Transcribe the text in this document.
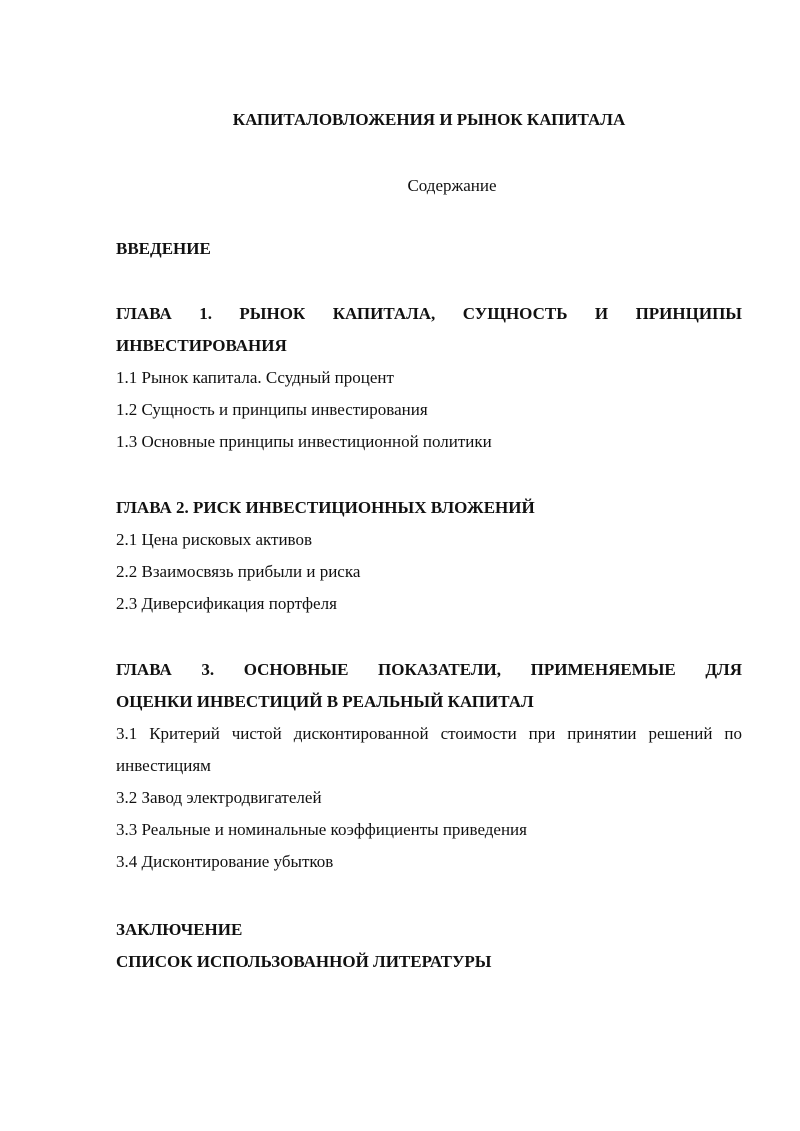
КАПИТАЛОВЛОЖЕНИЯ И РЫНОК КАПИТАЛА

Содержание

ВВЕДЕНИЕ
ГЛАВА 1. РЫНОК КАПИТАЛА, СУЩНОСТЬ И ПРИНЦИПЫ
ИНВЕСТИРОВАНИЯ
1.1 Рынок капитала. Ссудный процент
1.2 Сущность и принципы инвестирования
1.3 Основные принципы инвестиционной политики
ГЛАВА 2. РИСК ИНВЕСТИЦИОННЫХ ВЛОЖЕНИЙ
2.1 Цена рисковых активов
2.2 Взаимосвязь прибыли и риска
2.3 Диверсификация портфеля
ГЛАВА 3. ОСНОВНЫЕ ПОКАЗАТЕЛИ, ПРИМЕНЯЕМЫЕ ДЛЯ
ОЦЕНКИ ИНВЕСТИЦИЙ В РЕАЛЬНЫЙ КАПИТАЛ
3.1 Критерий чистой дисконтированной стоимости при принятии решений по инвестициям
3.2 Завод электродвигателей
3.3 Реальные и номинальные коэффициенты приведения
3.4 Дисконтирование убытков
ЗАКЛЮЧЕНИЕ
СПИСОК ИСПОЛЬЗОВАННОЙ ЛИТЕРАТУРЫ
